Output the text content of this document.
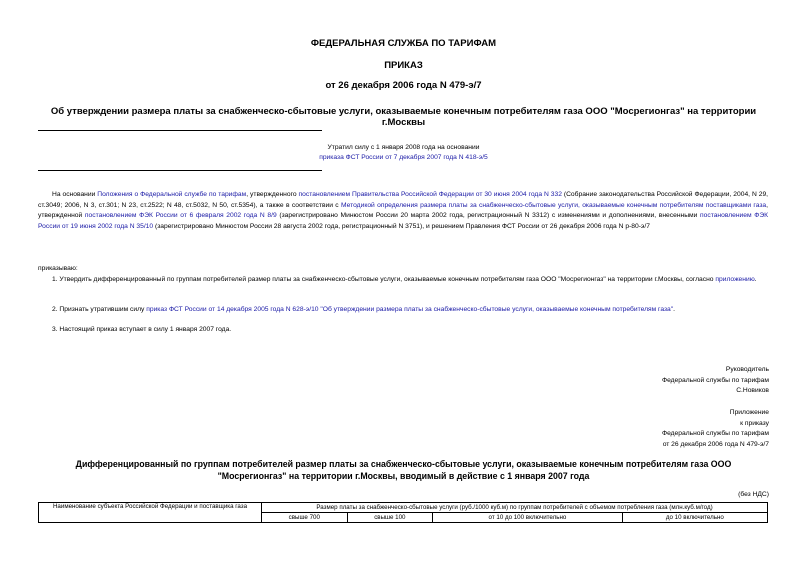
ФЕДЕРАЛЬНАЯ СЛУЖБА ПО ТАРИФАМ
ПРИКАЗ
от 26 декабря 2006 года N 479-э/7
Об утверждении размера платы за снабженческо-сбытовые услуги, оказываемые конечным потребителям газа ООО "Мосрегионгаз" на территории г.Москвы
Утратил силу с 1 января 2008 года на основании
приказа ФСТ России от 7 декабря 2007 года N 418-э/5
На основании Положения о Федеральной службе по тарифам, утвержденного постановлением Правительства Российской Федерации от 30 июня 2004 года N 332 (Собрание законодательства Российской Федерации, 2004, N 29, ст.3049; 2006, N 3, ст.301; N 23, ст.2522; N 48, ст.5032, N 50, ст.5354), а также в соответствии с Методикой определения размера платы за снабженческо-сбытовые услуги, оказываемые конечным потребителям поставщиками газа, утвержденной постановлением ФЭК России от 6 февраля 2002 года N 8/9 (зарегистрировано Минюстом России 20 марта 2002 года, регистрационный N 3312) с изменениями и дополнениями, внесенными постановлением ФЭК России от 19 июня 2002 года N 35/10 (зарегистрировано Минюстом России 28 августа 2002 года, регистрационный N 3751), и решением Правления ФСТ России от 26 декабря 2006 года N р-80-э/7
приказываю:
1. Утвердить дифференцированный по группам потребителей размер платы за снабженческо-сбытовые услуги, оказываемые конечным потребителям газа ООО "Мосрегионгаз" на территории г.Москвы, согласно приложению.
2. Признать утратившим силу приказ ФСТ России от 14 декабря 2005 года N 628-э/10 "Об утверждении размера платы за снабженческо-сбытовые услуги, оказываемые конечным потребителям газа".
3. Настоящий приказ вступает в силу 1 января 2007 года.
Руководитель
Федеральной службы по тарифам
С.Новиков
Приложение
к приказу
Федеральной службы по тарифам
от 26 декабря 2006 года N 479-э/7
Дифференцированный по группам потребителей размер платы за снабженческо-сбытовые услуги, оказываемые конечным потребителям газа ООО
"Мосрегионгаз" на территории г.Москвы, вводимый в действие с 1 января 2007 года
(без НДС)
Наименование субъекта Российской Федерации и поставщика газа	Размер платы за снабженческо-сбытовые услуги (руб./1000 куб.м) по группам потребителей с объемом потребления газа (млн.куб.м/год)			
	свыше 700	свыше 100	от 10 до 100 включительно	до 10 включительно
